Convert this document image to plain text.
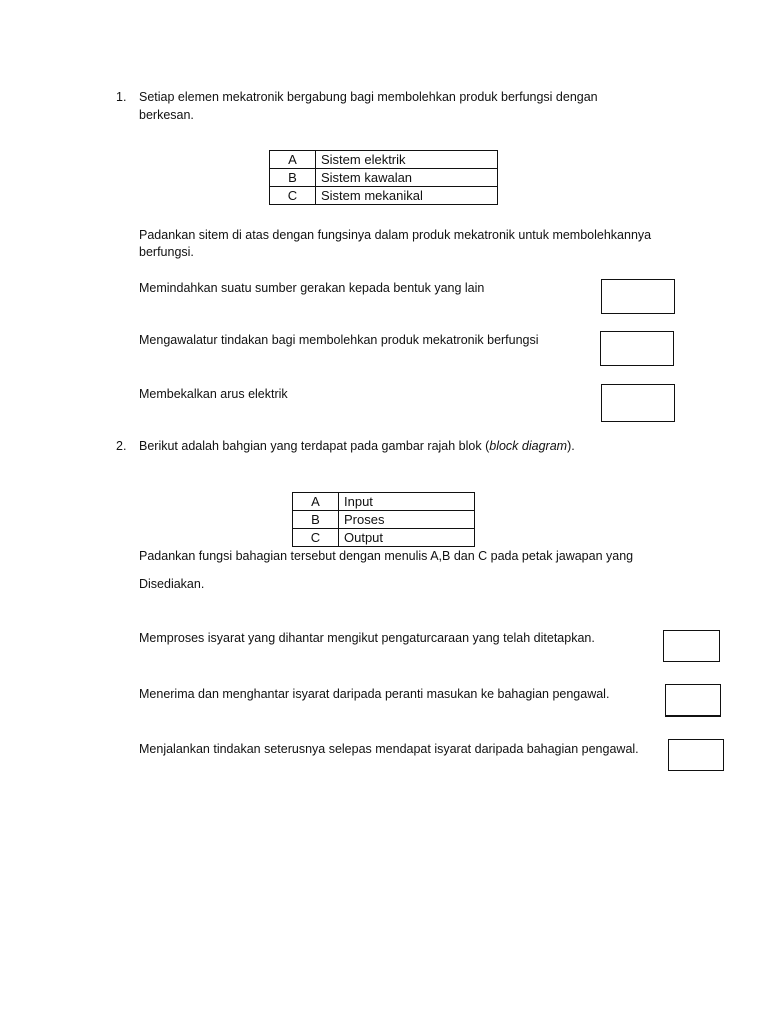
1. Setiap elemen mekatronik bergabung bagi membolehkan produk berfungsi dengan
berkesan.
A	Sistem elektrik
B	Sistem kawalan
C	Sistem mekanikal
Padankan sitem di atas dengan fungsinya dalam produk mekatronik untuk membolehkannya
berfungsi.
Memindahkan suatu sumber gerakan kepada bentuk yang lain
Mengawalatur tindakan bagi membolehkan produk mekatronik berfungsi
Membekalkan arus elektrik
2. Berikut adalah bahgian yang terdapat pada gambar rajah blok (block diagram).
A	Input
B	Proses
C	Output
Padankan fungsi bahagian tersebut dengan menulis A,B dan C pada petak jawapan yang
Disediakan.
Memproses isyarat yang dihantar mengikut pengaturcaraan yang telah ditetapkan.
Menerima dan menghantar isyarat daripada peranti masukan ke bahagian pengawal.
Menjalankan tindakan seterusnya selepas mendapat isyarat daripada bahagian pengawal.
